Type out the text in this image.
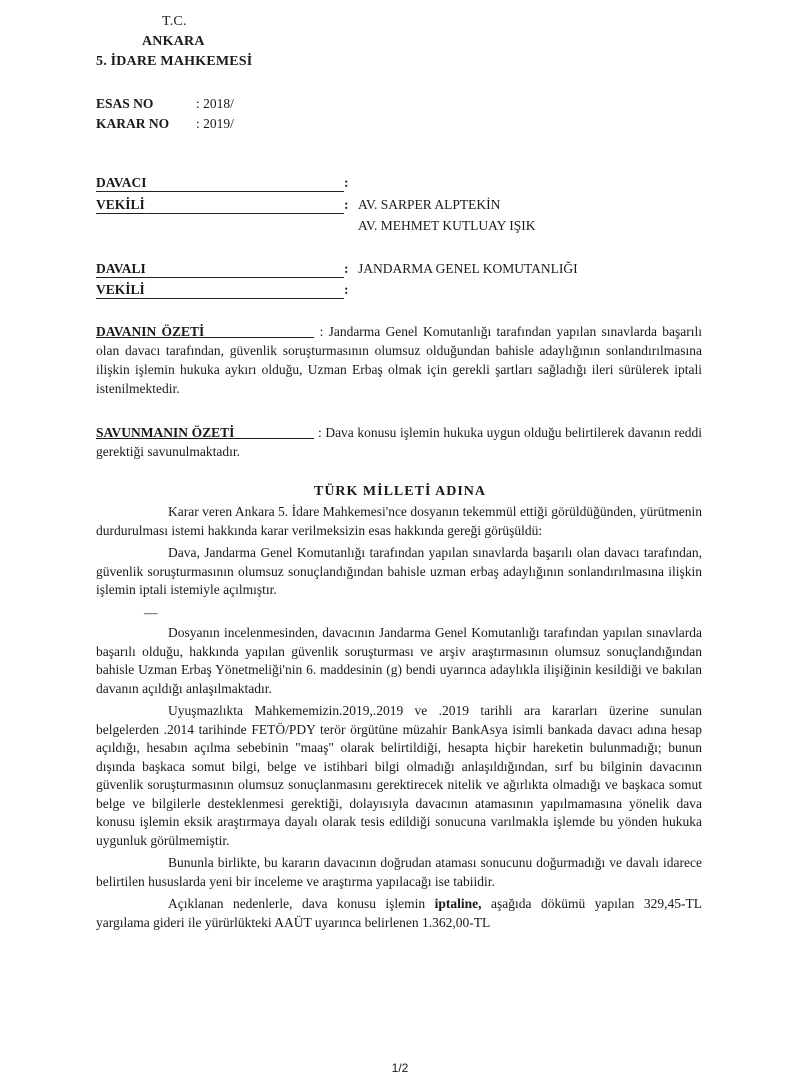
T.C.
ANKARA
5. İDARE MAHKEMESİ
ESAS NO	: 2018/
KARAR NO : 2019/
DAVACI	:
VEKİLİ	: AV. SARPER ALPTEKİN
AV. MEHMET KUTLUAY IŞIK
DAVALI	: JANDARMA GENEL KOMUTANLIĞI
VEKİLİ	:
DAVANIN ÖZETİ	: Jandarma Genel Komutanlığı tarafından yapılan sınavlarda başarılı olan davacı tarafından, güvenlik soruşturmasının olumsuz olduğundan bahisle adaylığının sonlandırılmasına ilişkin işlemin hukuka aykırı olduğu, Uzman Erbaş olmak için gerekli şartları sağladığı ileri sürülerek iptali istenilmektedir.
SAVUNMANIN ÖZETİ	: Dava konusu işlemin hukuka uygun olduğu belirtilerek davanın reddi gerektiği savunulmaktadır.
TÜRK MİLLETİ ADINA

Karar veren Ankara 5. İdare Mahkemesi'nce dosyanın tekemmül ettiği görüldüğünden, yürütmenin durdurulması istemi hakkında karar verilmeksizin esas hakkında gereği görüşüldü:

Dava, Jandarma Genel Komutanlığı tarafından yapılan sınavlarda başarılı olan davacı tarafından, güvenlik soruşturmasının olumsuz sonuçlandığından bahisle uzman erbaş adaylığının sonlandırılmasına ilişkin işlemin iptali istemiyle açılmıştır.

—

Dosyanın incelenmesinden, davacının Jandarma Genel Komutanlığı tarafından yapılan sınavlarda başarılı olduğu, hakkında yapılan güvenlik soruşturması ve arşiv araştırmasının olumsuz sonuçlandığından bahisle Uzman Erbaş Yönetmeliği'nin 6. maddesinin (g) bendi uyarınca adaylıkla ilişiğinin kesildiği ve bakılan davanın açıldığı anlaşılmaktadır.

Uyuşmazlıkta Mahkememizin.2019,.2019 ve .2019 tarihli ara kararları üzerine sunulan belgelerden .2014 tarihinde FETÖ/PDY terör örgütüne müzahir BankAsya isimli bankada davacı adına hesap açıldığı, hesabın açılma sebebinin "maaş" olarak belirtildiği, hesapta hiçbir hareketin bulunmadığı; bunun dışında başkaca somut bilgi, belge ve istihbari bilgi olmadığı anlaşıldığından, sırf bu bilginin davacının güvenlik soruşturmasının olumsuz sonuçlanmasını gerektirecek nitelik ve ağırlıkta olmadığı ve başkaca somut belge ve bilgilerle desteklenmesi gerektiği, dolayısıyla davacının atamasının yapılmamasına yönelik dava konusu işlemin eksik araştırmaya dayalı olarak tesis edildiği sonucuna varılmakla işlemde bu yönden hukuka uygunluk görülmemiştir.

Bununla birlikte, bu kararın davacının doğrudan ataması sonucunu doğurmadığı ve davalı idarece belirtilen hususlarda yeni bir inceleme ve araştırma yapılacağı ise tabiidir.

Açıklanan nedenlerle, dava konusu işlemin iptaline, aşağıda dökümü yapılan 329,45-TL yargılama gideri ile yürürlükteki AAÜT uyarınca belirlenen 1.362,00-TL

1/2
